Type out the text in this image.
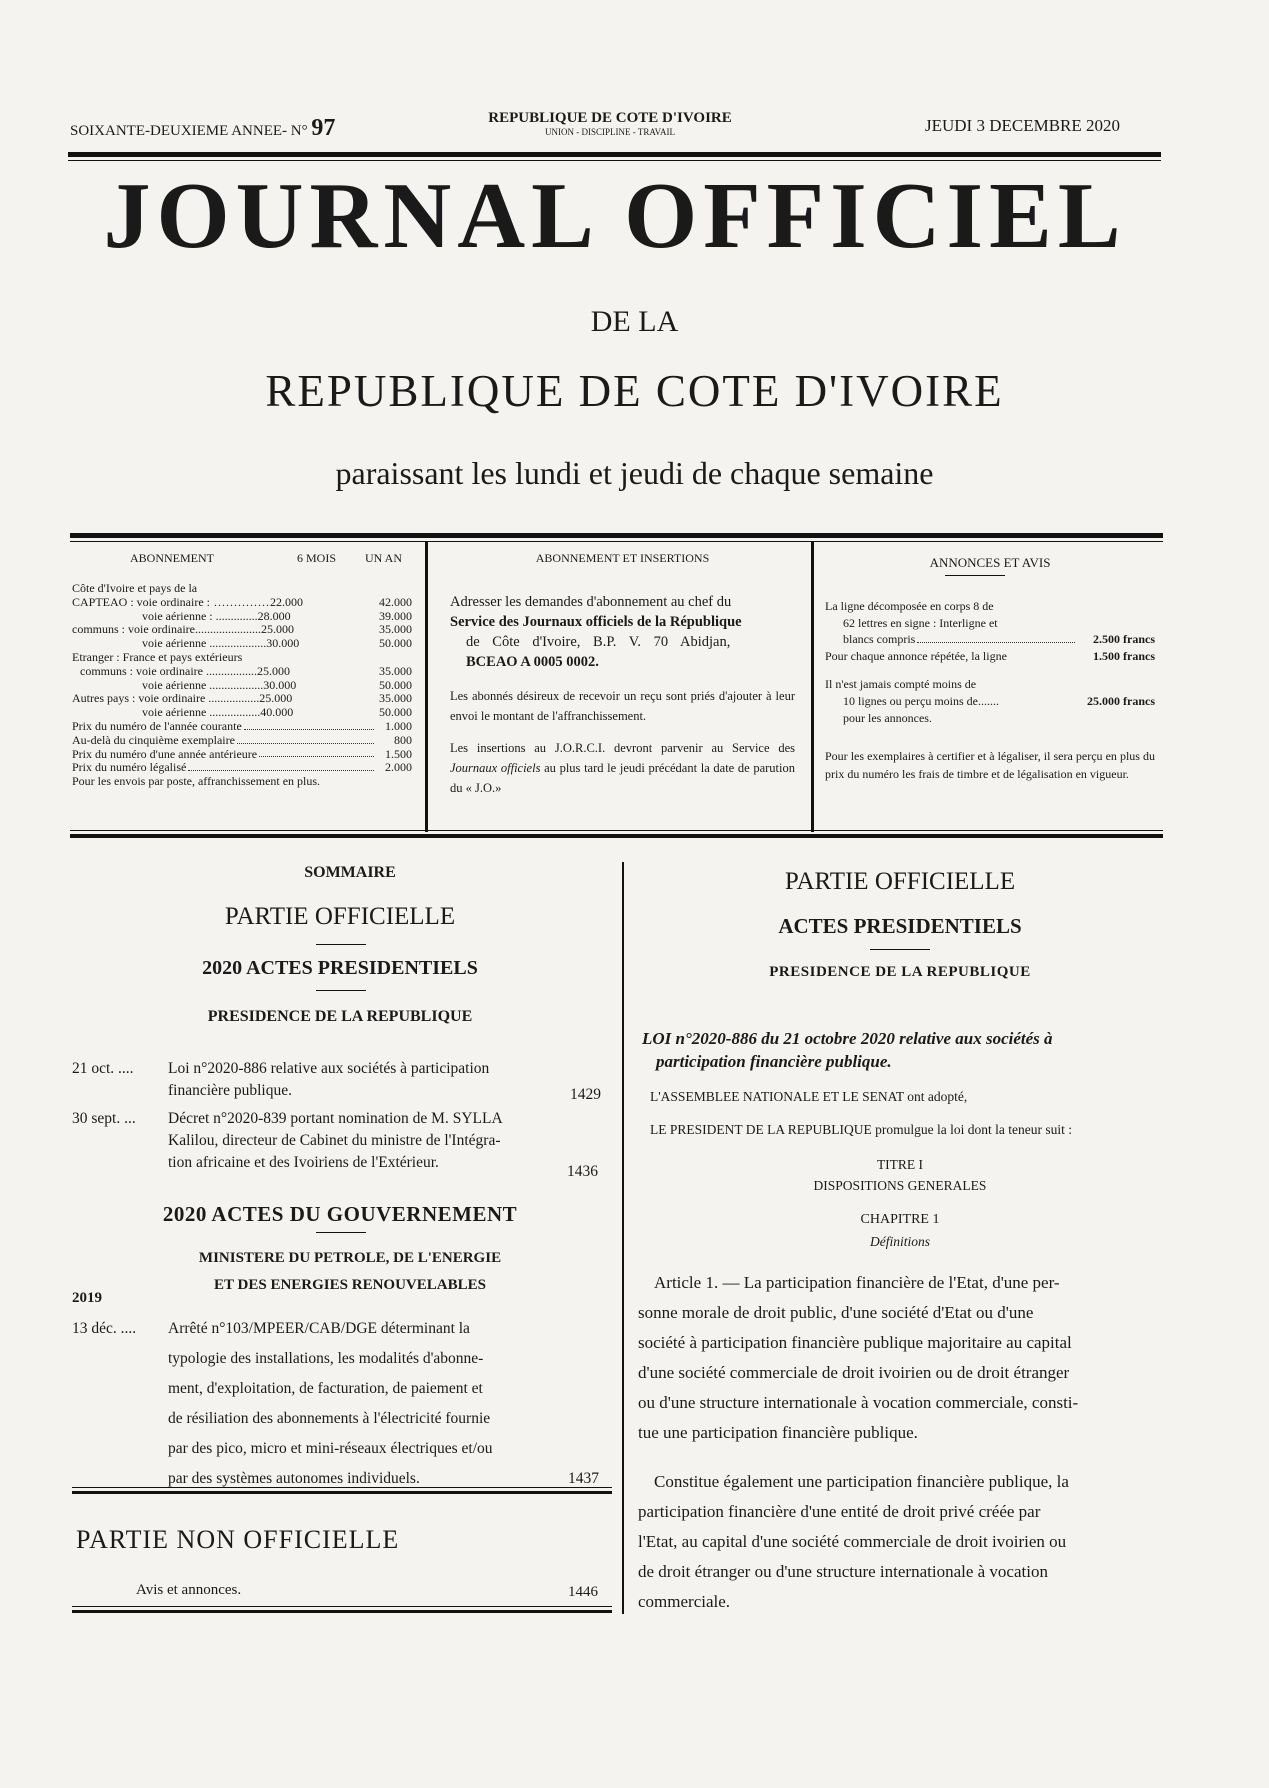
SOIXANTE-DEUXIEME ANNEE- N° 97	REPUBLIQUE DE COTE D'IVOIRE
UNION - DISCIPLINE - TRAVAIL	JEUDI 3 DECEMBRE 2020
JOURNAL OFFICIEL
DE LA
REPUBLIQUE DE COTE D'IVOIRE
paraissant les lundi et jeudi de chaque semaine
ABONNEMENT	6 MOIS UN AN
Côte d'Ivoire et pays de la
CAPTEAO : voie ordinaire : ..............22.000	42.000
voie aérienne : ..............28.000	39.000
communs : voie ordinaire......................25.000	35.000
voie aérienne ...................30.000	50.000
Etranger : France et pays extérieurs
communs : voie ordinaire .................25.000	35.000
voie aérienne ..................30.000	50.000
Autres pays : voie ordinaire .................25.000	35.000
voie aérienne .................40.000	50.000
Prix du numéro de l'année courante	1.000
Au-delà du cinquième exemplaire	800
Prix du numéro d'une année antérieure	1.500
Prix du numéro légalisé	2.000
Pour les envois par poste, affranchissement en plus.
ABONNEMENT ET INSERTIONS
Adresser les demandes d'abonnement au chef du
Service des Journaux officiels de la République
de Côte d'Ivoire, B.P. V. 70 Abidjan,
BCEAO A 0005 0002.
Les abonnés désireux de recevoir un reçu sont priés d'ajouter à leur envoi le montant de l'affranchissement.
Les insertions au J.O.R.C.I. devront parvenir au Service des Journaux officiels au plus tard le jeudi précédant la date de parution du « J.O.»
ANNONCES ET AVIS
La ligne décomposée en corps 8 de
62 lettres en signe : Interligne et
blancs compris	2.500 francs
Pour chaque annonce répétée, la ligne	1.500 francs
Il n'est jamais compté moins de
10 lignes ou perçu moins de .......	25.000 francs
pour les annonces.
Pour les exemplaires à certifier et à légaliser, il sera perçu en plus du prix du numéro les frais de timbre et de légalisation en vigueur.
SOMMAIRE
PARTIE OFFICIELLE
2020 ACTES PRESIDENTIELS
PRESIDENCE DE LA REPUBLIQUE
21 oct. .... Loi n°2020-886 relative aux sociétés à participation
financière publique.	1429
30 sept. ... Décret n°2020-839 portant nomination de M. SYLLA
Kalilou, directeur de Cabinet du ministre de l'Intégra-
tion africaine et des Ivoiriens de l'Extérieur.
1436
2020 ACTES DU GOUVERNEMENT
MINISTERE DU PETROLE, DE L'ENERGIE
ET DES ENERGIES RENOUVELABLES
2019
13 déc. .... Arrêté n°103/MPEER/CAB/DGE déterminant la
typologie des installations, les modalités d'abonne-
ment, d'exploitation, de facturation, de paiement et
de résiliation des abonnements à l'électricité fournie
par des pico, micro et mini-réseaux électriques et/ou
par des systèmes autonomes individuels.	1437
PARTIE NON OFFICIELLE
Avis et annonces.	1446
PARTIE OFFICIELLE
ACTES PRESIDENTIELS
PRESIDENCE DE LA REPUBLIQUE
LOI n°2020-886 du 21 octobre 2020 relative aux sociétés à
participation financière publique.
L'ASSEMBLEE NATIONALE ET LE SENAT ont adopté,
LE PRESIDENT DE LA REPUBLIQUE promulgue la loi dont la teneur suit :
TITRE I
DISPOSITIONS GENERALES
CHAPITRE 1
Définitions
Article 1. — La participation financière de l'Etat, d'une per-
sonne morale de droit public, d'une société d'Etat ou d'une
société à participation financière publique majoritaire au capital
d'une société commerciale de droit ivoirien ou de droit étranger
ou d'une structure internationale à vocation commerciale, consti-
tue une participation financière publique.
Constitue également une participation financière publique, la
participation financière d'une entité de droit privé créée par
l'Etat, au capital d'une société commerciale de droit ivoirien ou
de droit étranger ou d'une structure internationale à vocation
commerciale.
